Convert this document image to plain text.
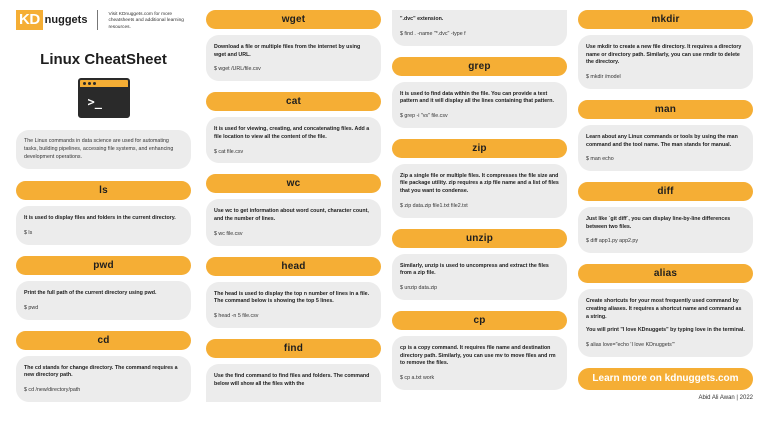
KD nuggets	Visit KDnuggets.com for more cheatsheets and additional learning resources.
Linux CheatSheet
>_
The Linux commands in data science are used for automating tasks, building pipelines, accessing file systems, and enhancing development operations.
ls
It is used to display files and folders in the current directory.
$ ls
pwd
Print the full path of the current directory using pwd.
$ pwd
cd
The cd stands for change directory. The command requires a new directory path.
$ cd /new/directory/path
wget
Download a file or multiple files from the internet by using wget and URL.
$ wget /URL/file.csv
cat
It is used for viewing, creating, and concatenating files. Add a file location to view all the content of the file.
$ cat file.csv
wc
Use wc to get information about word count, character count, and the number of lines.
$ wc file.csv
head
The head is used to display the top n number of lines in a file. The command below is showing the top 5 lines.
$ head -n 5 file.csv
find
Use the find command to find files and folders. The command below will show all the files with the
".dvc" extension.
$ find . -name "*.dvc" -type f
grep
It is used to find data within the file. You can provide a text pattern and it will display all the lines containing that pattern.
$ grep -i "vs" file.csv
zip
Zip a single file or multiple files. It compresses the file size and file package utility. zip requires a zip file name and a list of files that you want to condense.
$ zip data.zip file1.txt file2.txt
unzip
Similarly, unzip is used to uncompress and extract the files from a zip file.
$ unzip data.zip
cp
cp is a copy command. It requires file name and destination directory path. Similarly, you can use mv to move files and rm to remove the files.
$ cp a.txt work
mkdir
Use mkdir to create a new file directory. It requires a directory name or directory path. Similarly, you can use rmdir to delete the directory.
$ mkdir /model
man
Learn about any Linux commands or tools by using the man command and the tool name. The man stands for manual.
$ man echo
diff
Just like `git diff`, you can display line-by-line differences between two files.
$ diff app1.py app2.py
alias
Create shortcuts for your most frequently used command by creating aliases. It requires a shortcut name and command as a string.
You will print "I love KDnuggets" by typing love in the terminal.
$ alias love="echo 'I love KDnuggets'"
Learn more on kdnuggets.com
Abid Ali Awan | 2022
